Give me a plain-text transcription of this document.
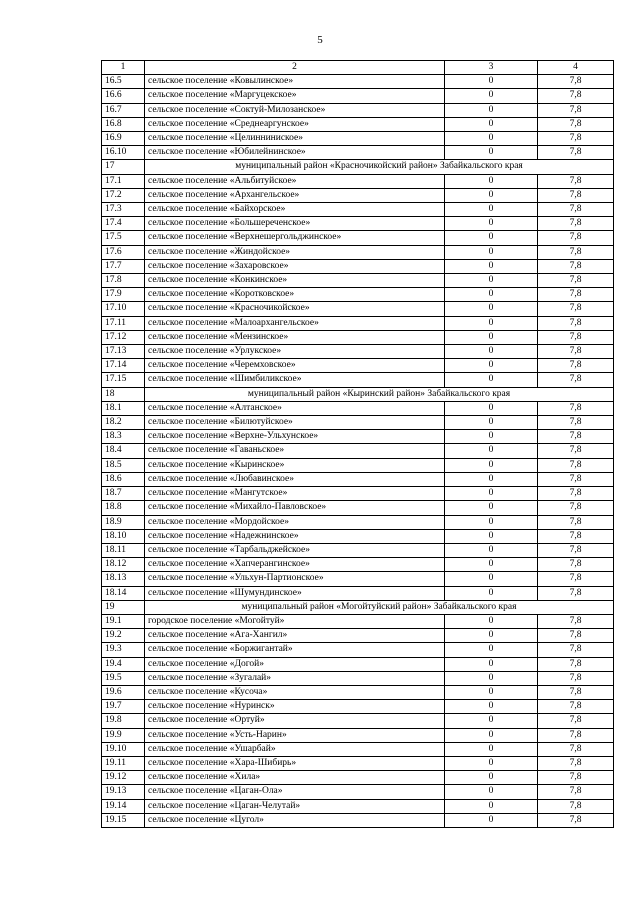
5
1	2	3	4
16.5	сельское поселение «Ковылинское»	0	7,8
16.6	сельское поселение «Маргуцекское»	0	7,8
16.7	сельское поселение «Соктуй-Милозанское»	0	7,8
16.8	сельское поселение «Среднеаргунское»	0	7,8
16.9	сельское поселение «Целинниниское»	0	7,8
16.10	сельское поселение «Юбилейнинское»	0	7,8
17	муниципальный район «Красночикойский район» Забайкальского края		
17.1	сельское поселение «Альбитуйское»	0	7,8
17.2	сельское поселение «Архангельское»	0	7,8
17.3	сельское поселение «Байхорское»	0	7,8
17.4	сельское поселение «Большереченское»	0	7,8
17.5	сельское поселение «Верхнешергольджинское»	0	7,8
17.6	сельское поселение «Жиндойское»	0	7,8
17.7	сельское поселение «Захаровское»	0	7,8
17.8	сельское поселение «Конкинское»	0	7,8
17.9	сельское поселение «Коротковское»	0	7,8
17.10	сельское поселение «Красночикойское»	0	7,8
17.11	сельское поселение «Малоархангельское»	0	7,8
17.12	сельское поселение «Мензинское»	0	7,8
17.13	сельское поселение «Урлукское»	0	7,8
17.14	сельское поселение «Черемховское»	0	7,8
17.15	сельское поселение «Шимбиликское»	0	7,8
18	муниципальный район «Кыринский район» Забайкальского края		
18.1	сельское поселение «Алтанское»	0	7,8
18.2	сельское поселение «Билютуйское»	0	7,8
18.3	сельское поселение «Верхне-Ульхунское»	0	7,8
18.4	сельское поселение «Гаваньское»	0	7,8
18.5	сельское поселение «Кыринское»	0	7,8
18.6	сельское поселение «Любавинское»	0	7,8
18.7	сельское поселение «Мангутское»	0	7,8
18.8	сельское поселение «Михайло-Павловское»	0	7,8
18.9	сельское поселение «Мордойское»	0	7,8
18.10	сельское поселение «Надежнинское»	0	7,8
18.11	сельское поселение «Тарбальджейское»	0	7,8
18.12	сельское поселение «Хапчерангинское»	0	7,8
18.13	сельское поселение «Ульхун-Партионское»	0	7,8
18.14	сельское поселение «Шумундинское»	0	7,8
19	муниципальный район «Могойтуйский район» Забайкальского края		
19.1	городское поселение «Могойтуй»	0	7,8
19.2	сельское поселение «Ага-Хангил»	0	7,8
19.3	сельское поселение «Боржигантай»	0	7,8
19.4	сельское поселение «Догой»	0	7,8
19.5	сельское поселение «Зугалай»	0	7,8
19.6	сельское поселение «Кусоча»	0	7,8
19.7	сельское поселение «Нуринск»	0	7,8
19.8	сельское поселение «Ортуй»	0	7,8
19.9	сельское поселение «Усть-Нарин»	0	7,8
19.10	сельское поселение «Ушарбай»	0	7,8
19.11	сельское поселение «Хара-Шибирь»	0	7,8
19.12	сельское поселение «Хила»	0	7,8
19.13	сельское поселение «Цаган-Ола»	0	7,8
19.14	сельское поселение «Цаган-Челутай»	0	7,8
19.15	сельское поселение «Цугол»	0	7,8
